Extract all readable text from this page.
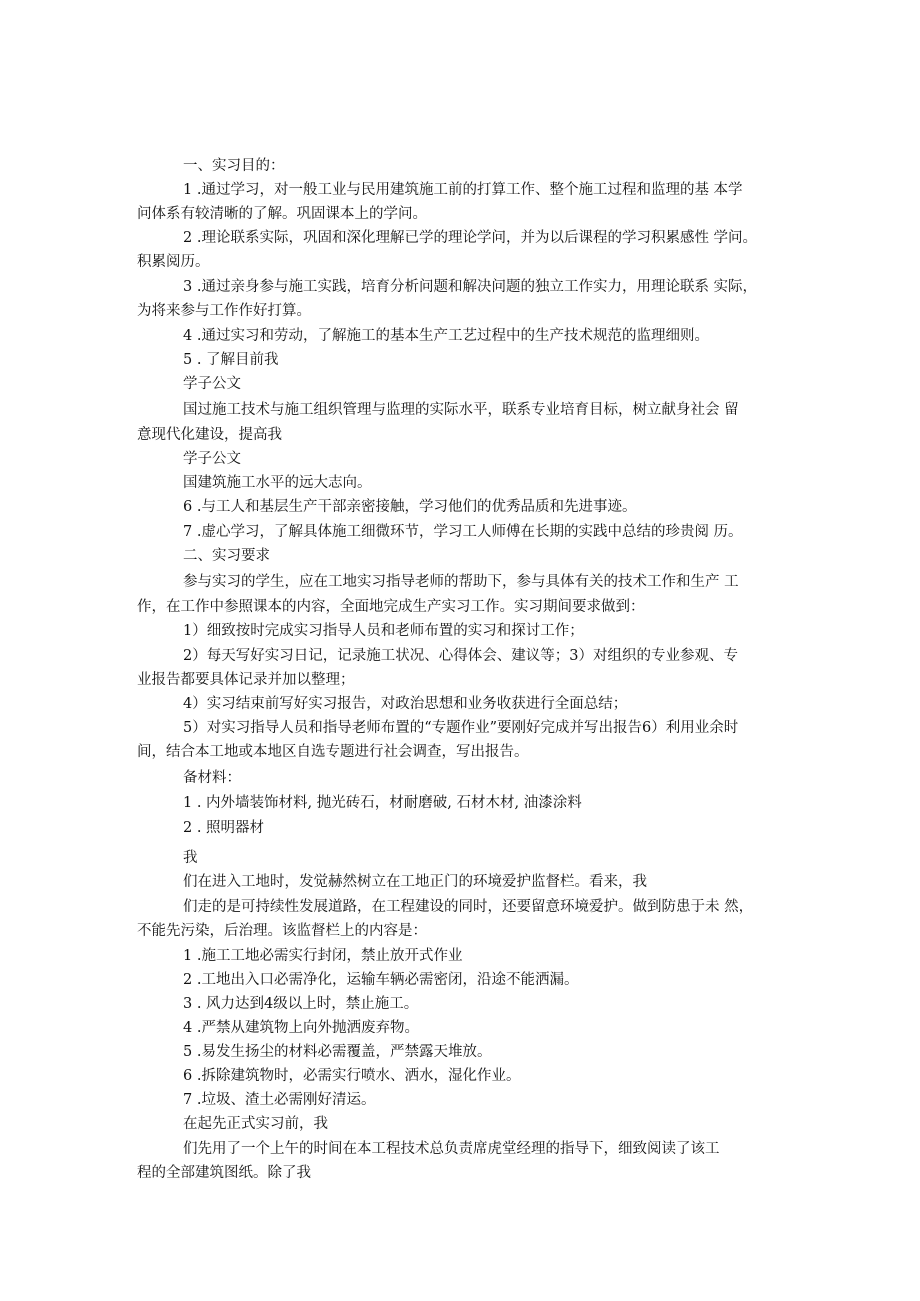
一、实习目的：
1 .通过学习，对一般工业与民用建筑施工前的打算工作、整个施工过程和监理的基 本学
问体系有较清晰的了解。巩固课本上的学问。
2 .理论联系实际，巩固和深化理解已学的理论学问，并为以后课程的学习积累感性 学问。
积累阅历。
3 .通过亲身参与施工实践，培育分析问题和解决问题的独立工作实力，用理论联系 实际，
为将来参与工作作好打算。
4 .通过实习和劳动，了解施工的基本生产工艺过程中的生产技术规范的监理细则。
5 . 了解目前我
学子公文
国过施工技术与施工组织管理与监理的实际水平，联系专业培育目标，树立献身社会 留
意现代化建设，提高我
学子公文
国建筑施工水平的远大志向。
6 .与工人和基层生产干部亲密接触，学习他们的优秀品质和先进事迹。
7 .虚心学习，了解具体施工细微环节，学习工人师傅在长期的实践中总结的珍贵阅 历。
二、实习要求
参与实习的学生，应在工地实习指导老师的帮助下，参与具体有关的技术工作和生产 工
作，在工作中参照课本的内容，全面地完成生产实习工作。实习期间要求做到：
1）细致按时完成实习指导人员和老师布置的实习和探讨工作；
2）每天写好实习日记，记录施工状况、心得体会、建议等；3）对组织的专业参观、专
业报告都要具体记录并加以整理；
4）实习结束前写好实习报告，对政治思想和业务收获进行全面总结；
5）对实习指导人员和指导老师布置的“专题作业”要刚好完成并写出报告6）利用业余时
间，结合本工地或本地区自选专题进行社会调查，写出报告。
备材料：
1 . 内外墙装饰材料, 抛光砖石，材耐磨破, 石材木材, 油漆涂料
2 . 照明器材
我
们在进入工地时，发觉赫然树立在工地正门的环境爱护监督栏。看来，我
们走的是可持续性发展道路，在工程建设的同时，还要留意环境爱护。做到防患于未 然，
不能先污染，后治理。该监督栏上的内容是：
1 .施工工地必需实行封闭，禁止放开式作业
2 .工地出入口必需净化，运输车辆必需密闭，沿途不能洒漏。
3 . 风力达到4级以上时，禁止施工。
4 .严禁从建筑物上向外抛洒废弃物。
5 .易发生扬尘的材料必需覆盖，严禁露天堆放。
6 .拆除建筑物时，必需实行喷水、洒水，湿化作业。
7 .垃圾、渣土必需刚好清运。
在起先正式实习前，我
们先用了一个上午的时间在本工程技术总负责席虎堂经理的指导下，细致阅读了该工
程的全部建筑图纸。除了我
